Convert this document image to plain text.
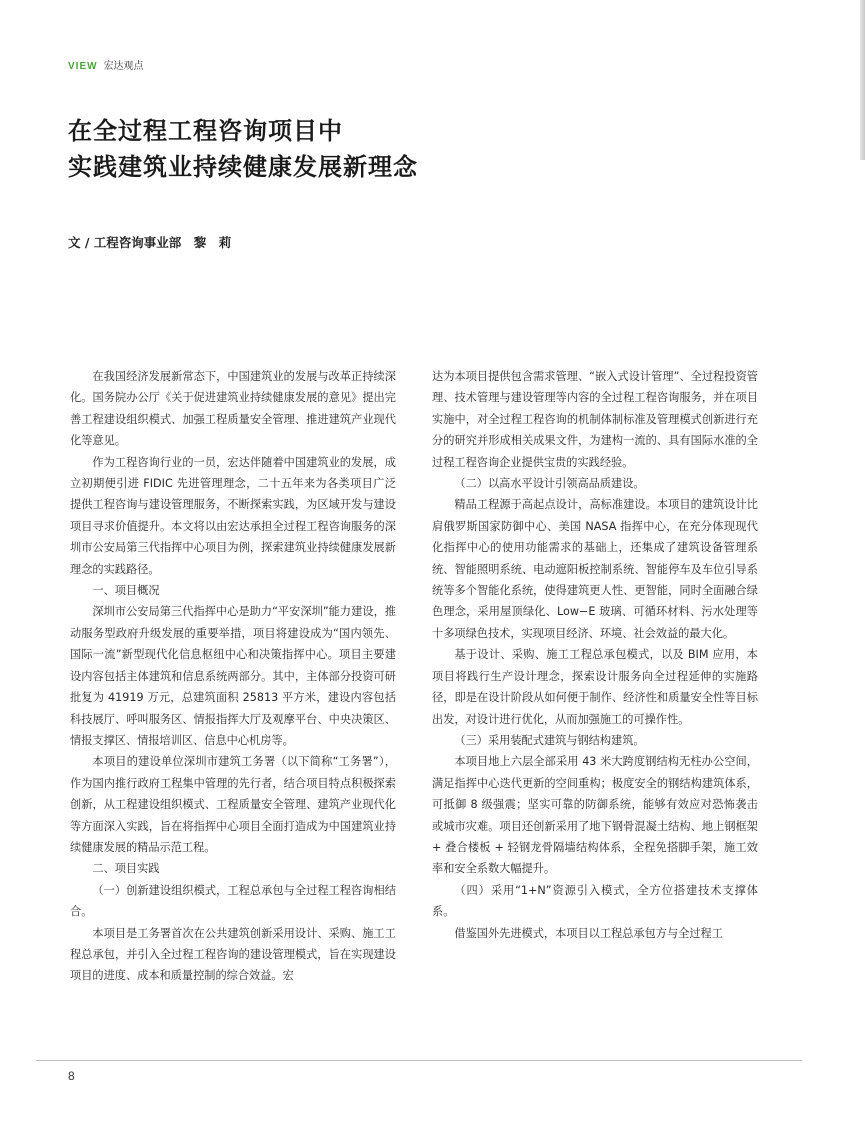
VIEW 宏达观点
在全过程工程咨询项目中
实践建筑业持续健康发展新理念

文 / 工程咨询事业部　黎　莉

在我国经济发展新常态下，中国建筑业的发展与改革正持续深化。国务院办公厅《关于促进建筑业持续健康发展的意见》提出完善工程建设组织模式、加强工程质量安全管理、推进建筑产业现代化等意见。

作为工程咨询行业的一员，宏达伴随着中国建筑业的发展，成立初期便引进 FIDIC 先进管理理念，二十五年来为各类项目广泛提供工程咨询与建设管理服务，不断探索实践，为区域开发与建设项目寻求价值提升。本文将以由宏达承担全过程工程咨询服务的深圳市公安局第三代指挥中心项目为例，探索建筑业持续健康发展新理念的实践路径。

一、项目概况

深圳市公安局第三代指挥中心是助力“平安深圳”能力建设，推动服务型政府升级发展的重要举措，项目将建设成为“国内领先、国际一流”新型现代化信息枢纽中心和决策指挥中心。项目主要建设内容包括主体建筑和信息系统两部分。其中，主体部分投资可研批复为 41919 万元，总建筑面积 25813 平方米，建设内容包括科技展厅、呼叫服务区、情报指挥大厅及观摩平台、中央决策区、情报支撑区、情报培训区、信息中心机房等。

本项目的建设单位深圳市建筑工务署（以下简称“工务署”），作为国内推行政府工程集中管理的先行者，结合项目特点积极探索创新，从工程建设组织模式、工程质量安全管理、建筑产业现代化等方面深入实践，旨在将指挥中心项目全面打造成为中国建筑业持续健康发展的精品示范工程。

二、项目实践

（一）创新建设组织模式，工程总承包与全过程工程咨询相结合。

本项目是工务署首次在公共建筑创新采用设计、采购、施工工程总承包，并引入全过程工程咨询的建设管理模式，旨在实现建设项目的进度、成本和质量控制的综合效益。宏

达为本项目提供包含需求管理、“嵌入式设计管理”、全过程投资管理、技术管理与建设管理等内容的全过程工程咨询服务，并在项目实施中，对全过程工程咨询的机制体制标准及管理模式创新进行充分的研究并形成相关成果文件，为建构一流的、具有国际水准的全过程工程咨询企业提供宝贵的实践经验。

（二）以高水平设计引领高品质建设。

精品工程源于高起点设计，高标准建设。本项目的建筑设计比肩俄罗斯国家防御中心、美国 NASA 指挥中心，在充分体现现代化指挥中心的使用功能需求的基础上，还集成了建筑设备管理系统、智能照明系统、电动遮阳板控制系统、智能停车及车位引导系统等多个智能化系统，使得建筑更人性、更智能，同时全面融合绿色理念，采用屋顶绿化、Low−E 玻璃、可循环材料、污水处理等十多项绿色技术，实现项目经济、环境、社会效益的最大化。

基于设计、采购、施工工程总承包模式，以及 BIM 应用，本项目将践行生产设计理念，探索设计服务向全过程延伸的实施路径，即是在设计阶段从如何便于制作、经济性和质量安全性等目标出发，对设计进行优化，从而加强施工的可操作性。

（三）采用装配式建筑与钢结构建筑。

本项目地上六层全部采用 43 米大跨度钢结构无柱办公空间，满足指挥中心迭代更新的空间重构；极度安全的钢结构建筑体系，可抵御 8 级强震；坚实可靠的防御系统，能够有效应对恐怖袭击或城市灾难。项目还创新采用了地下钢骨混凝土结构、地上钢框架 + 叠合楼板 + 轻钢龙骨隔墙结构体系，全程免搭脚手架，施工效率和安全系数大幅提升。

（四）采用“1+N”资源引入模式，全方位搭建技术支撑体系。

借鉴国外先进模式，本项目以工程总承包方与全过程工

8
